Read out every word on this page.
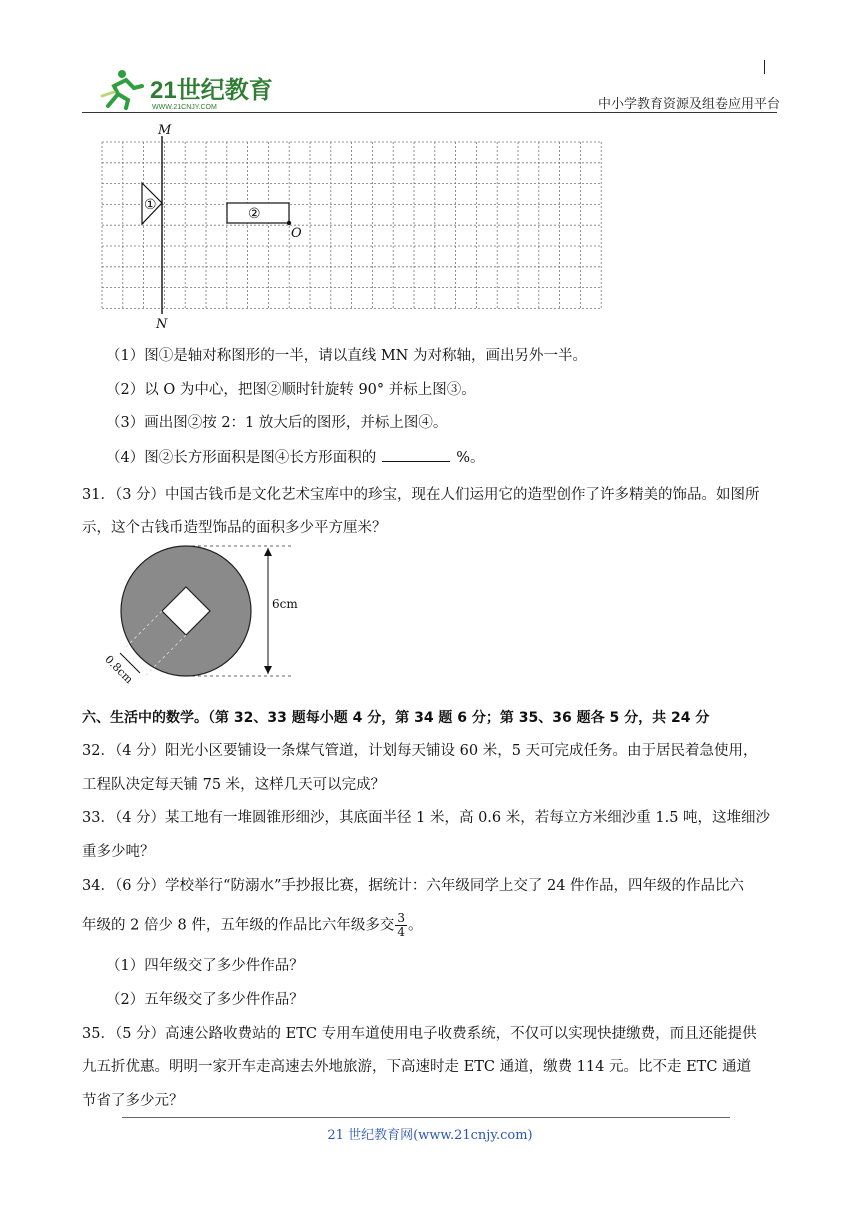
21世纪教育
WWW.21CNJY.COM	中小学教育资源及组卷应用平台
M
N
①
②
O
（1）图①是轴对称图形的一半，请以直线 MN 为对称轴，画出另外一半。
（2）以 O 为中心，把图②顺时针旋转 90° 并标上图③。
（3）画出图②按 2：1 放大后的图形，并标上图④。
（4）图②长方形面积是图④长方形面积的	%。
31．（3 分）中国古钱币是文化艺术宝库中的珍宝，现在人们运用它的造型创作了许多精美的饰品。如图所
示，这个古钱币造型饰品的面积多少平方厘米？
6cm
0.8cm
六、生活中的数学。（第 32、33 题每小题 4 分，第 34 题 6 分；第 35、36 题各 5 分，共 24 分
32．（4 分）阳光小区要铺设一条煤气管道，计划每天铺设 60 米，5 天可完成任务。由于居民着急使用，
工程队决定每天铺 75 米，这样几天可以完成？
33．（4 分）某工地有一堆圆锥形细沙，其底面半径 1 米，高 0.6 米，若每立方米细沙重 1.5 吨，这堆细沙
重多少吨？
34．（6 分）学校举行“防溺水”手抄报比赛，据统计：六年级同学上交了 24 件作品，四年级的作品比六
年级的 2 倍少 8 件，五年级的作品比六年级多交 $\frac{3}{4}$ 。
（1）四年级交了多少件作品？
（2）五年级交了多少件作品？
35．（5 分）高速公路收费站的 ETC 专用车道使用电子收费系统，不仅可以实现快捷缴费，而且还能提供
九五折优惠。明明一家开车走高速去外地旅游，下高速时走 ETC 通道，缴费 114 元。比不走 ETC 通道
节省了多少元？
21 世纪教育网(www.21cnjy.com)
